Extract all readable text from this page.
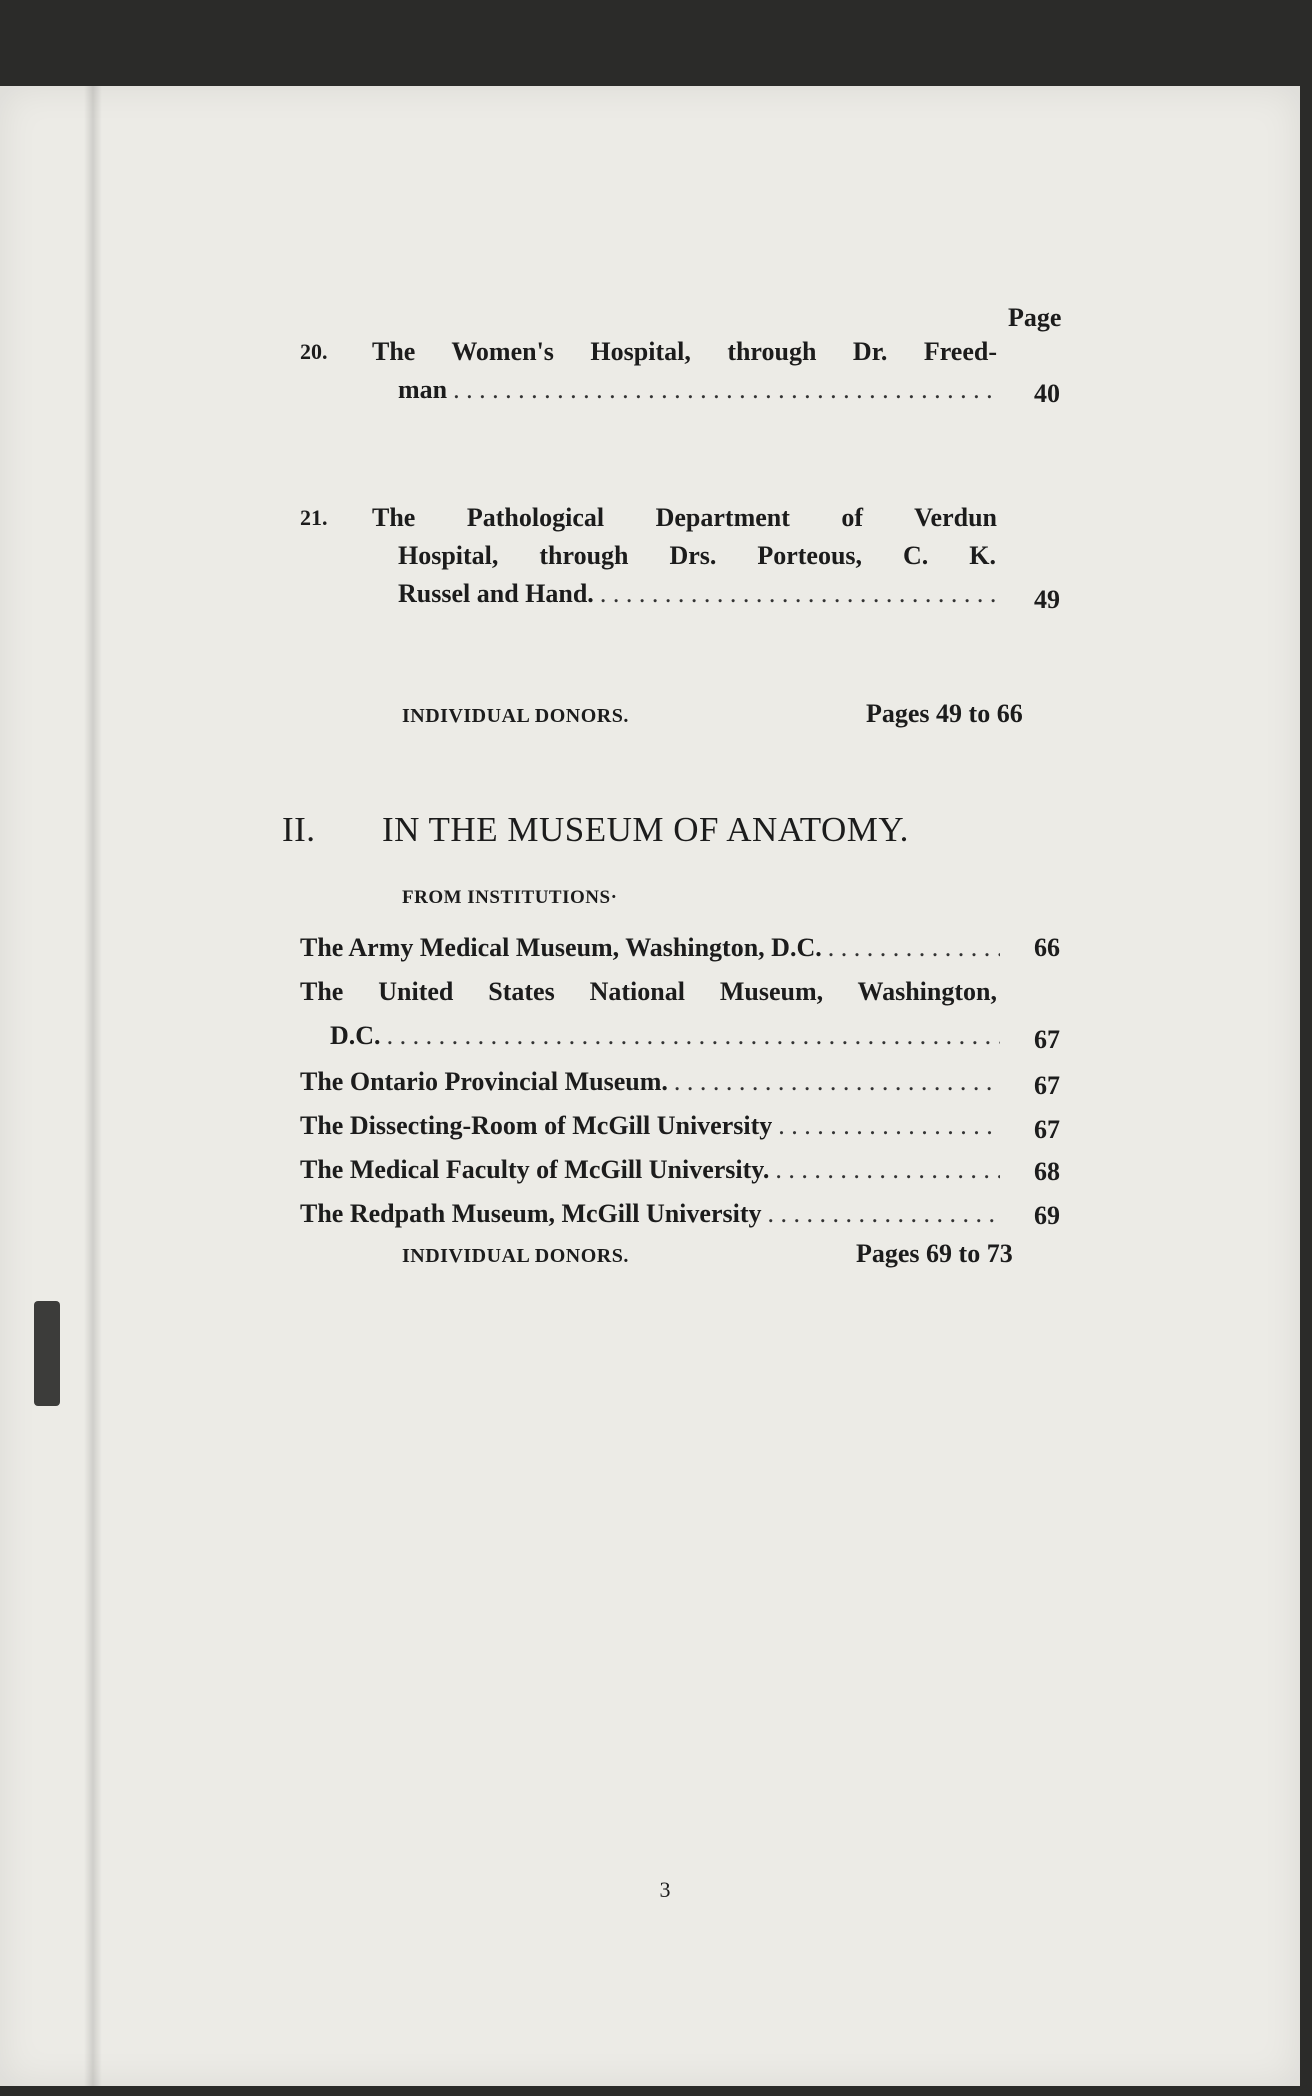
Page
20. The Women's Hospital, through Dr. Freed-
man . . .	40
21. The Pathological Department of Verdun
Hospital, through Drs. Porteous, C. K.
Russel and Hand. . . .	49
INDIVIDUAL DONORS.	Pages 49 to 66
II. IN THE MUSEUM OF ANATOMY.
FROM INSTITUTIONS·
The Army Medical Museum, Washington, D.C. . . .	66
The United States National Museum, Washington,
D.C. . . .	67
The Ontario Provincial Museum. . . .	67
The Dissecting-Room of McGill University . . .	67
The Medical Faculty of McGill University. . . .	68
The Redpath Museum, McGill University . . .	69
INDIVIDUAL DONORS.	Pages 69 to 73
3
